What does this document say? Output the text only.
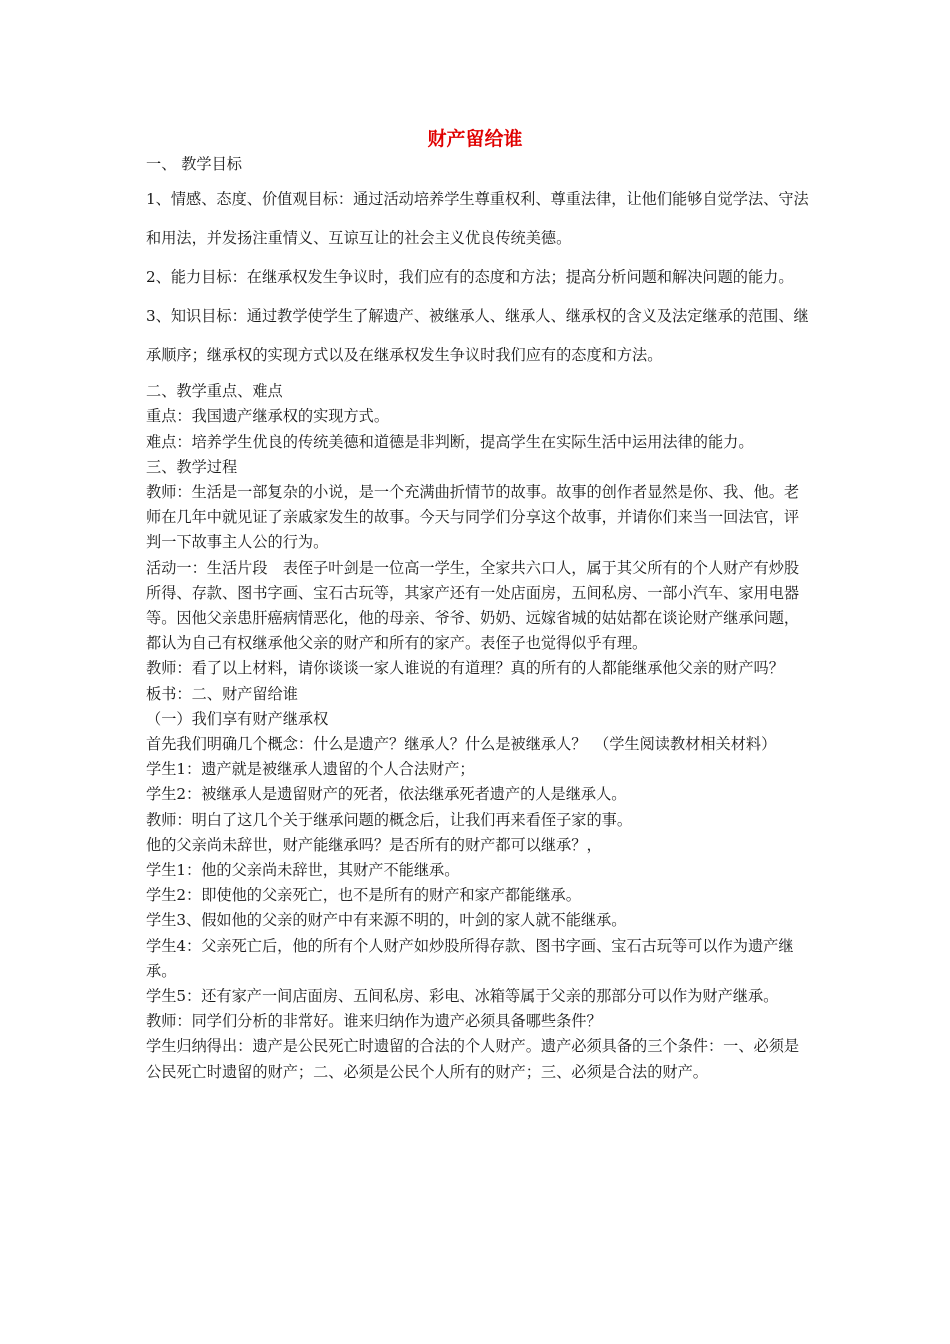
财产留给谁

一、 教学目标

1、情感、态度、价值观目标：通过活动培养学生尊重权利、尊重法律，让他们能够自觉学法、守法和用法，并发扬注重情义、互谅互让的社会主义优良传统美德。

2、能力目标：在继承权发生争议时，我们应有的态度和方法；提高分析问题和解决问题的能力。

3、知识目标：通过教学使学生了解遗产、被继承人、继承人、继承权的含义及法定继承的范围、继承顺序；继承权的实现方式以及在继承权发生争议时我们应有的态度和方法。

二、教学重点、难点

重点：我国遗产继承权的实现方式。

难点：培养学生优良的传统美德和道德是非判断，提高学生在实际生活中运用法律的能力。

三、教学过程

教师：生活是一部复杂的小说，是一个充满曲折情节的故事。故事的创作者显然是你、我、他。老师在几年中就见证了亲戚家发生的故事。今天与同学们分享这个故事，并请你们来当一回法官，评判一下故事主人公的行为。

活动一：生活片段　表侄子叶剑是一位高一学生，全家共六口人，属于其父所有的个人财产有炒股所得、存款、图书字画、宝石古玩等，其家产还有一处店面房，五间私房、一部小汽车、家用电器等。因他父亲患肝癌病情恶化，他的母亲、爷爷、奶奶、远嫁省城的姑姑都在谈论财产继承问题，都认为自己有权继承他父亲的财产和所有的家产。表侄子也觉得似乎有理。

教师：看了以上材料，请你谈谈一家人谁说的有道理？真的所有的人都能继承他父亲的财产吗？

板书：二、财产留给谁

（一）我们享有财产继承权

首先我们明确几个概念：什么是遗产？继承人？什么是被继承人？　（学生阅读教材相关材料）

学生1：遗产就是被继承人遗留的个人合法财产；

学生2：被继承人是遗留财产的死者，依法继承死者遗产的人是继承人。

教师：明白了这几个关于继承问题的概念后，让我们再来看侄子家的事。

他的父亲尚未辞世，财产能继承吗？是否所有的财产都可以继承？，

学生1：他的父亲尚未辞世，其财产不能继承。

学生2：即使他的父亲死亡，也不是所有的财产和家产都能继承。

学生3、假如他的父亲的财产中有来源不明的，叶剑的家人就不能继承。

学生4：父亲死亡后，他的所有个人财产如炒股所得存款、图书字画、宝石古玩等可以作为遗产继承。

学生5：还有家产一间店面房、五间私房、彩电、冰箱等属于父亲的那部分可以作为财产继承。

教师：同学们分析的非常好。谁来归纳作为遗产必须具备哪些条件？

学生归纳得出：遗产是公民死亡时遗留的合法的个人财产。遗产必须具备的三个条件：一、必须是公民死亡时遗留的财产；二、必须是公民个人所有的财产；三、必须是合法的财产。
